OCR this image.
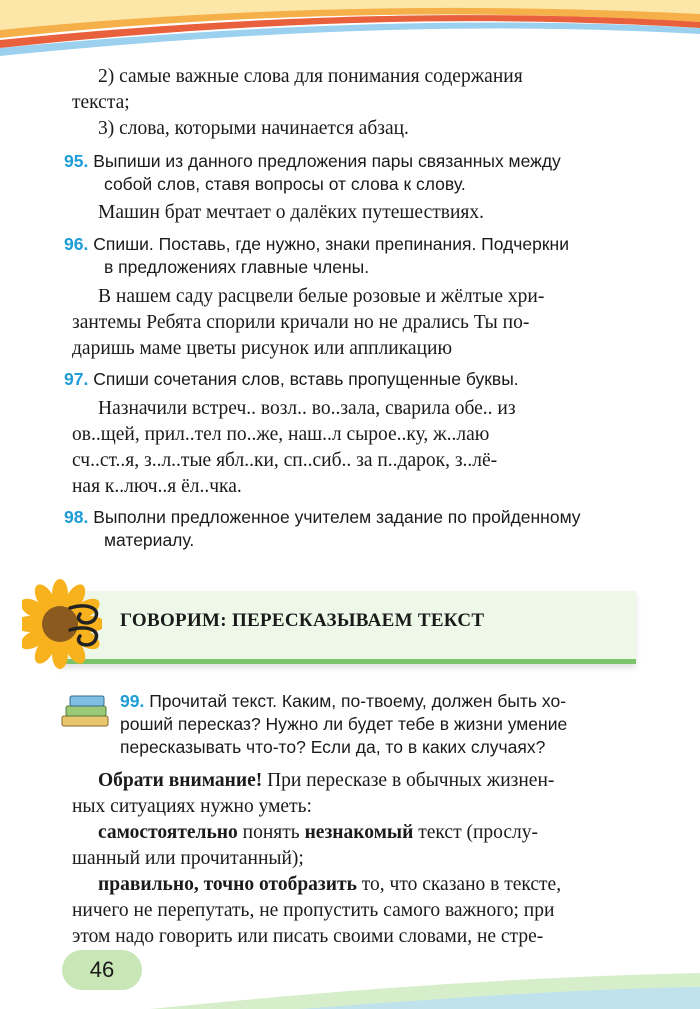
2) самые важные слова для понимания содержания
текста;
3) слова, которыми начинается абзац.
95. Выпиши из данного предложения пары связанных между
собой слов, ставя вопросы от слова к слову.
Машин брат мечтает о далёких путешествиях.
96. Спиши. Поставь, где нужно, знаки препинания. Подчеркни
в предложениях главные члены.
В нашем саду расцвели белые розовые и жёлтые хри-
зантемы Ребята спорили кричали но не дрались Ты по-
даришь маме цветы рисунок или аппликацию
97. Спиши сочетания слов, вставь пропущенные буквы.
Назначили встреч.. возл.. во..зала, сварила обе.. из
ов..щей, прил..тел по..же, наш..л сырое..ку, ж..лаю
сч..ст..я, з..л..тые ябл..ки, сп..сиб.. за п..дарок, з..лё-
ная к..люч..я ёл..чка.
98. Выполни предложенное учителем задание по пройденному
материалу.
ГОВОРИМ: ПЕРЕСКАЗЫВАЕМ ТЕКСТ
99. Прочитай текст. Каким, по-твоему, должен быть хо-
роший пересказ? Нужно ли будет тебе в жизни умение
пересказывать что-то? Если да, то в каких случаях?
Обрати внимание! При пересказе в обычных жизнен-
ных ситуациях нужно уметь:
самостоятельно понять незнакомый текст (прослу-
шанный или прочитанный);
правильно, точно отобразить то, что сказано в тексте,
ничего не перепутать, не пропустить самого важного; при
этом надо говорить или писать своими словами, не стре-
46
